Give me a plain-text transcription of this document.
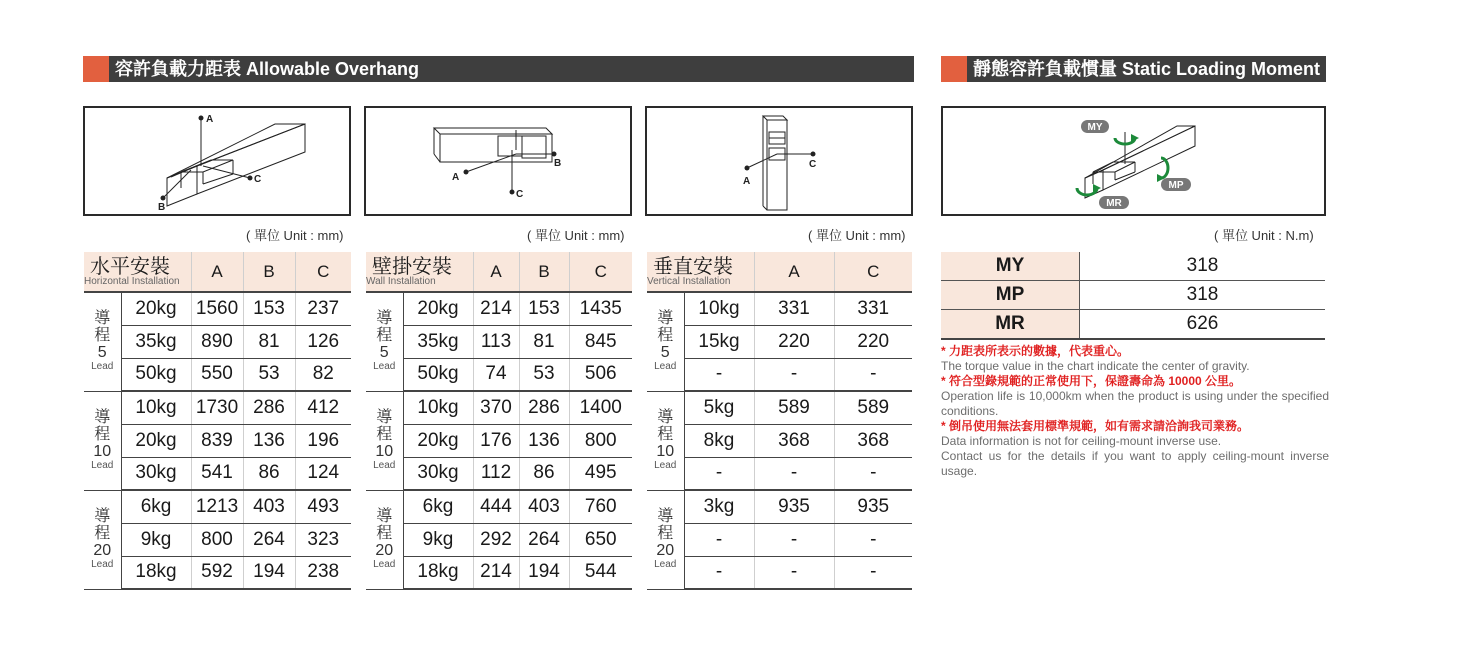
容許負載力距表 Allowable Overhang	靜態容許負載慣量 Static Loading Moment
A
C
B
A
C
B
A
C
MY
MP
MR
( 單位 Unit : mm)	( 單位 Unit : mm)	( 單位 Unit : mm)	( 單位 Unit : N.m)
水平安裝
Horizontal Installation		A	B	C

導
程
5
Lead	20kg	1560	153	237
	35kg	890	81	126
	50kg	550	53	82

導
程
10
Lead	10kg	1730	286	412
	20kg	839	136	196
	30kg	541	86	124

導
程
20
Lead	6kg	1213	403	493
	9kg	800	264	323
	18kg	592	194	238
壁掛安裝
Wall Installation		A	B	C

導
程
5
Lead	20kg	214	153	1435
	35kg	113	81	845
	50kg	74	53	506

導
程
10
Lead	10kg	370	286	1400
	20kg	176	136	800
	30kg	112	86	495

導
程
20
Lead	6kg	444	403	760
	9kg	292	264	650
	18kg	214	194	544
垂直安裝
Vertical Installation		A	C

導
程
5
Lead	10kg	331	331
	15kg	220	220
	-	-	-

導
程
10
Lead	5kg	589	589
	8kg	368	368
	-	-	-

導
程
20
Lead	3kg	935	935
	-	-	-
	-	-	-
MY	318
MP	318
MR	626

* 力距表所表示的數據，代表重心。

The torque value in the chart indicate the center of gravity.

* 符合型錄規範的正常使用下，保證壽命為 10000 公里。

Operation life is 10,000km when the product is using under the specified conditions.

* 倒吊使用無法套用標準規範，如有需求請洽詢我司業務。

Data information is not for ceiling-mount inverse use.

Contact us for the details if you want to apply ceiling-mount inverse usage.
